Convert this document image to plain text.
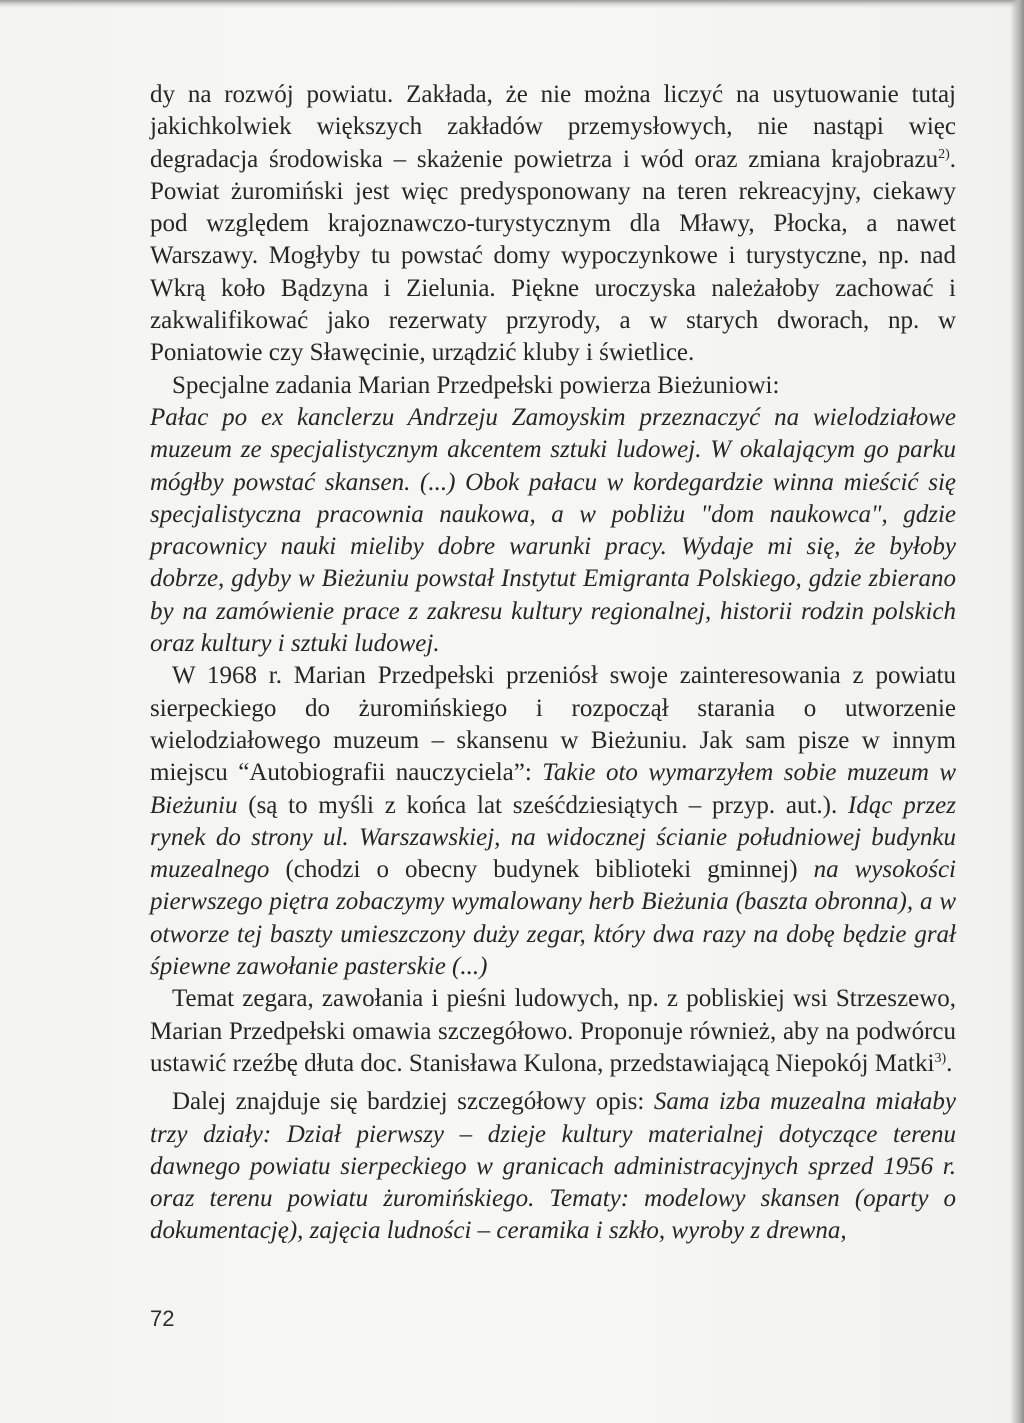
dy na rozwój powiatu. Zakłada, że nie można liczyć na usytuowanie tutaj jakichkolwiek większych zakładów przemysłowych, nie nastąpi więc degradacja środowiska – skażenie powietrza i wód oraz zmiana krajobrazu$^{2)}$. Powiat żuromiński jest więc predysponowany na teren rekreacyjny, ciekawy pod względem krajoznawczo-turystycznym dla Mławy, Płocka, a nawet Warszawy. Mogłyby tu powstać domy wypoczynkowe i turystyczne, np. nad Wkrą koło Bądzyna i Zielunia. Piękne uroczyska należałoby zachować i zakwalifikować jako rezerwaty przyrody, a w starych dworach, np. w Poniatowie czy Sławęcinie, urządzić kluby i świetlice.

Specjalne zadania Marian Przedpełski powierza Bieżuniowi:

Pałac po ex kanclerzu Andrzeju Zamoyskim przeznaczyć na wielodziałowe muzeum ze specjalistycznym akcentem sztuki ludowej. W okalającym go parku mógłby powstać skansen. (...) Obok pałacu w kordegardzie winna mieścić się specjalistyczna pracownia naukowa, a w pobliżu "dom naukowca", gdzie pracownicy nauki mieliby dobre warunki pracy. Wydaje mi się, że byłoby dobrze, gdyby w Bieżuniu powstał Instytut Emigranta Polskiego, gdzie zbierano by na zamówienie prace z zakresu kultury regionalnej, historii rodzin polskich oraz kultury i sztuki ludowej.

W 1968 r. Marian Przedpełski przeniósł swoje zainteresowania z powiatu sierpeckiego do żuromińskiego i rozpoczął starania o utworzenie wielodziałowego muzeum – skansenu w Bieżuniu. Jak sam pisze w innym miejscu “Autobiografii nauczyciela”: Takie oto wymarzyłem sobie muzeum w Bieżuniu (są to myśli z końca lat sześćdziesiątych – przyp. aut.). Idąc przez rynek do strony ul. Warszawskiej, na widocznej ścianie południowej budynku muzealnego (chodzi o obecny budynek biblioteki gminnej) na wysokości pierwszego piętra zobaczymy wymalowany herb Bieżunia (baszta obronna), a w otworze tej baszty umieszczony duży zegar, który dwa razy na dobę będzie grał śpiewne zawołanie pasterskie (...)

Temat zegara, zawołania i pieśni ludowych, np. z pobliskiej wsi Strzeszewo, Marian Przedpełski omawia szczegółowo. Proponuje również, aby na podwórcu ustawić rzeźbę dłuta doc. Stanisława Kulona, przedstawiającą Niepokój Matki$^{3)}$.

Dalej znajduje się bardziej szczegółowy opis: Sama izba muzealna miałaby trzy działy: Dział pierwszy – dzieje kultury materialnej dotyczące terenu dawnego powiatu sierpeckiego w granicach administracyjnych sprzed 1956 r. oraz terenu powiatu żuromińskiego. Tematy: modelowy skansen (oparty o dokumentację), zajęcia ludności – ceramika i szkło, wyroby z drewna,

72
